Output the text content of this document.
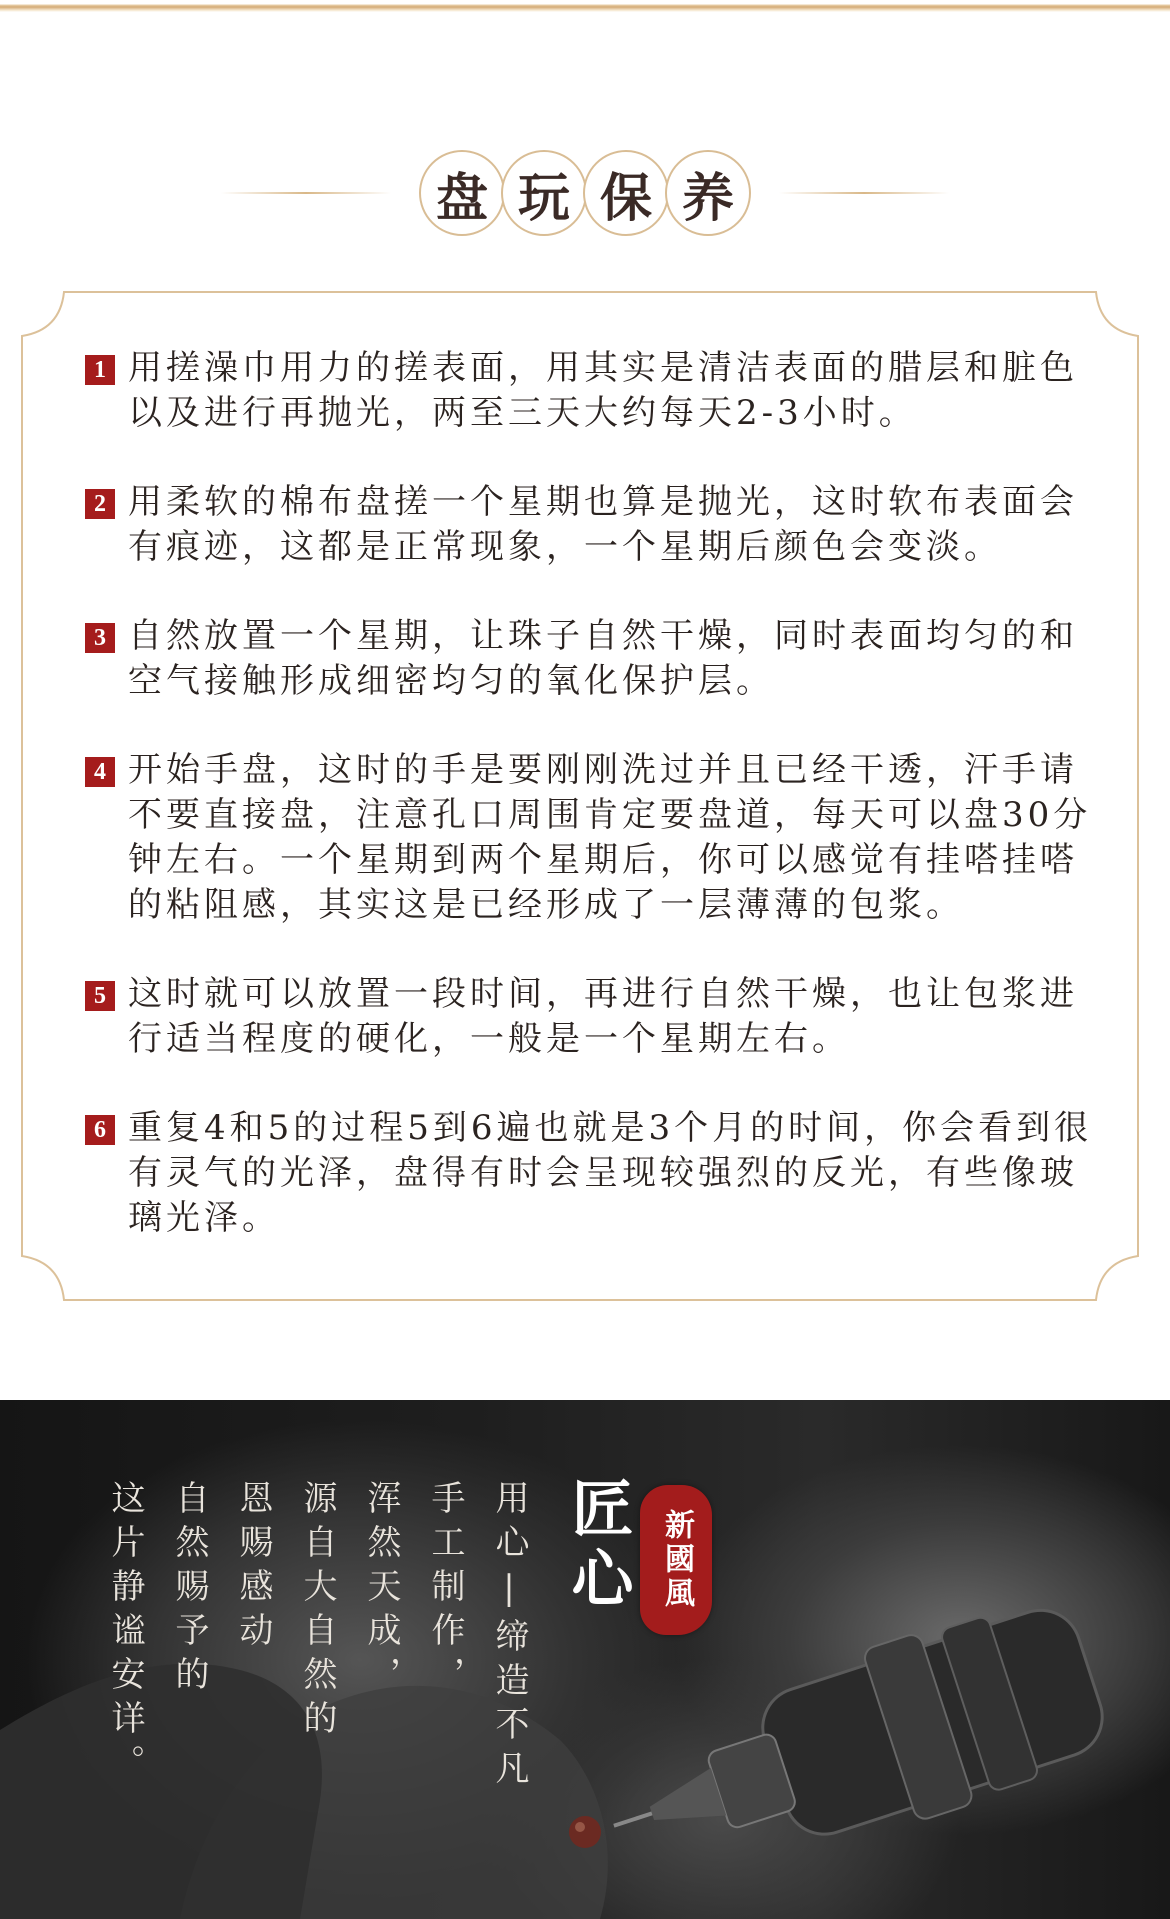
盘 玩 保 养
1 用搓澡巾用力的搓表面，用其实是清洁表面的腊层和脏色以及进行再抛光，两至三天大约每天2-3小时。
2 用柔软的棉布盘搓一个星期也算是抛光，这时软布表面会有痕迹，这都是正常现象，一个星期后颜色会变淡。
3 自然放置一个星期，让珠子自然干燥，同时表面均匀的和空气接触形成细密均匀的氧化保护层。
4 开始手盘，这时的手是要刚刚洗过并且已经干透，汗手请不要直接盘，注意孔口周围肯定要盘道，每天可以盘30分钟左右。一个星期到两个星期后，你可以感觉有挂嗒挂嗒的粘阻感，其实这是已经形成了一层薄薄的包浆。
5 这时就可以放置一段时间，再进行自然干燥，也让包浆进行适当程度的硬化，一般是一个星期左右。
6 重复4和5的过程5到6遍也就是3个月的时间，你会看到很有灵气的光泽，盘得有时会呈现较强烈的反光，有些像玻璃光泽。
匠心 新國風
用心|缔造不凡
手工制作，
浑然天成，
源自大自然的
恩赐感动
自然赐予的
这片静谧安详。
